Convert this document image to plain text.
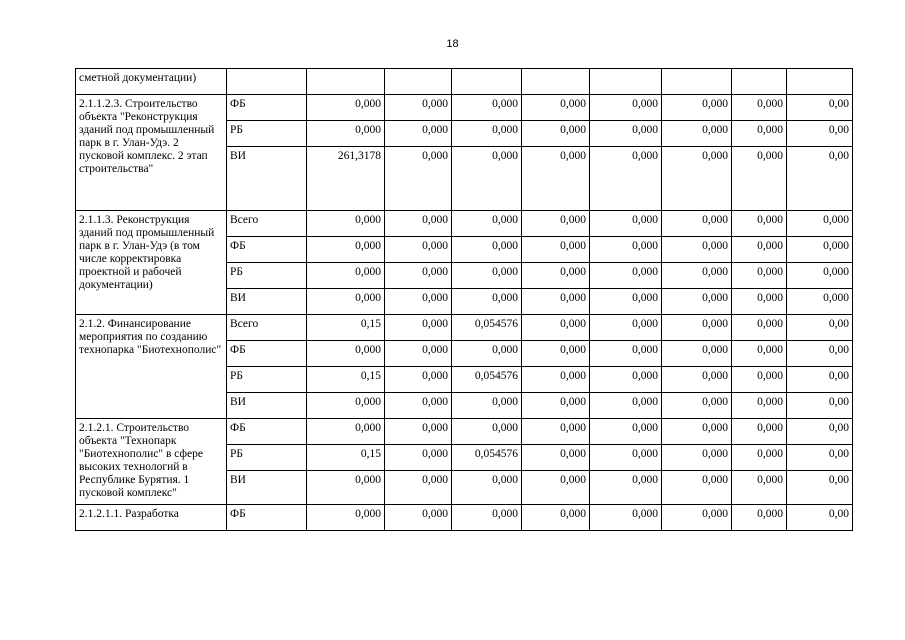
18
сметной документации)									
2.1.1.2.3. Строительство объекта "Реконструкция зданий под промышленный парк в г. Улан-Удэ. 2 пусковой комплекс. 2 этап строительства"	ФБ	0,000	0,000	0,000	0,000	0,000	0,000	0,000	0,00
	РБ	0,000	0,000	0,000	0,000	0,000	0,000	0,000	0,00
	ВИ	261,3178	0,000	0,000	0,000	0,000	0,000	0,000	0,00
2.1.1.3. Реконструкция зданий под промышленный парк в г. Улан-Удэ (в том числе корректировка проектной и рабочей документации)	Всего	0,000	0,000	0,000	0,000	0,000	0,000	0,000	0,000
	ФБ	0,000	0,000	0,000	0,000	0,000	0,000	0,000	0,000
	РБ	0,000	0,000	0,000	0,000	0,000	0,000	0,000	0,000
	ВИ	0,000	0,000	0,000	0,000	0,000	0,000	0,000	0,000
2.1.2. Финансирование мероприятия по созданию технопарка "Биотехнополис"	Всего	0,15	0,000	0,054576	0,000	0,000	0,000	0,000	0,00
	ФБ	0,000	0,000	0,000	0,000	0,000	0,000	0,000	0,00
	РБ	0,15	0,000	0,054576	0,000	0,000	0,000	0,000	0,00
	ВИ	0,000	0,000	0,000	0,000	0,000	0,000	0,000	0,00
2.1.2.1. Строительство объекта "Технопарк "Биотехнополис" в сфере высоких технологий в Республике Бурятия. 1 пусковой комплекс"	ФБ	0,000	0,000	0,000	0,000	0,000	0,000	0,000	0,00
	РБ	0,15	0,000	0,054576	0,000	0,000	0,000	0,000	0,00
	ВИ	0,000	0,000	0,000	0,000	0,000	0,000	0,000	0,00
2.1.2.1.1. Разработка	ФБ	0,000	0,000	0,000	0,000	0,000	0,000	0,000	0,00
